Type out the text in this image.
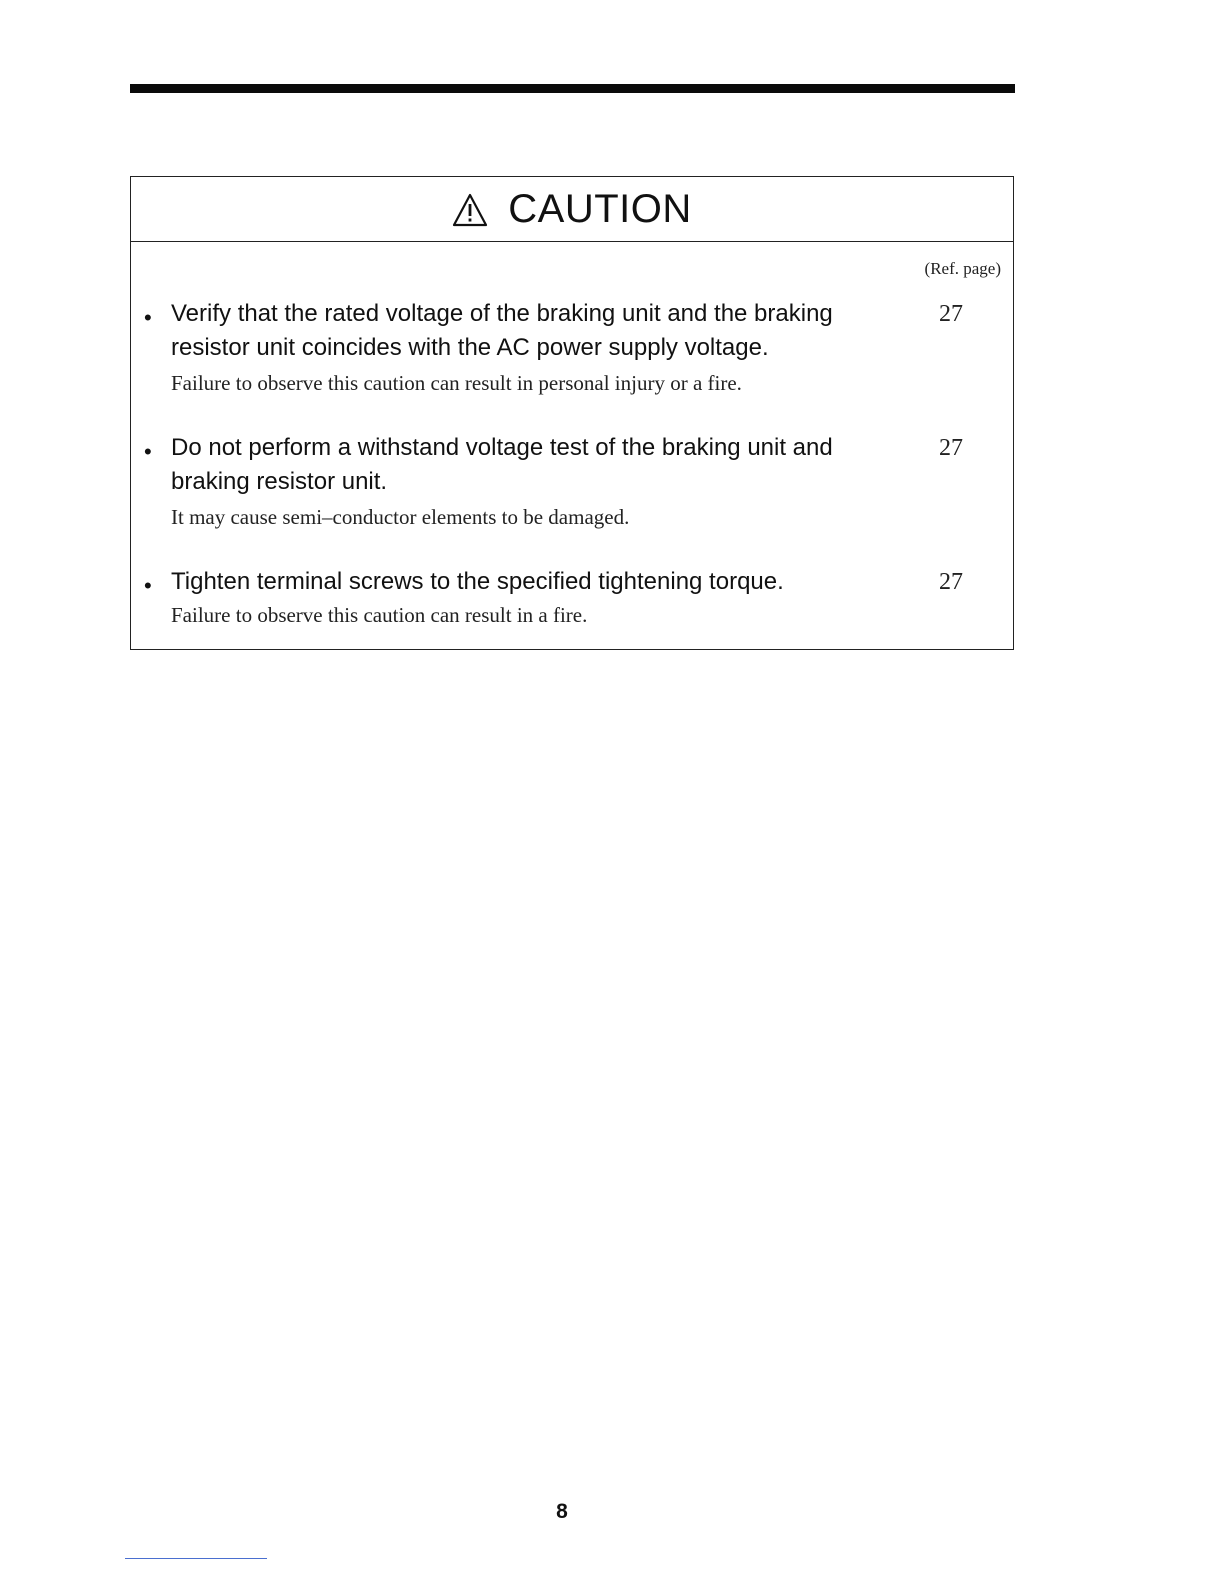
CAUTION
(Ref. page)
• Verify that the rated voltage of the braking unit and the braking resistor unit coincides with the AC power supply voltage.

Failure to observe this caution can result in personal injury or a fire.

27
• Do not perform a withstand voltage test of the braking unit and braking resistor unit.

It may cause semi–conductor elements to be damaged.

27
• Tighten terminal screws to the specified tightening torque.

Failure to observe this caution can result in a fire.

27
8
